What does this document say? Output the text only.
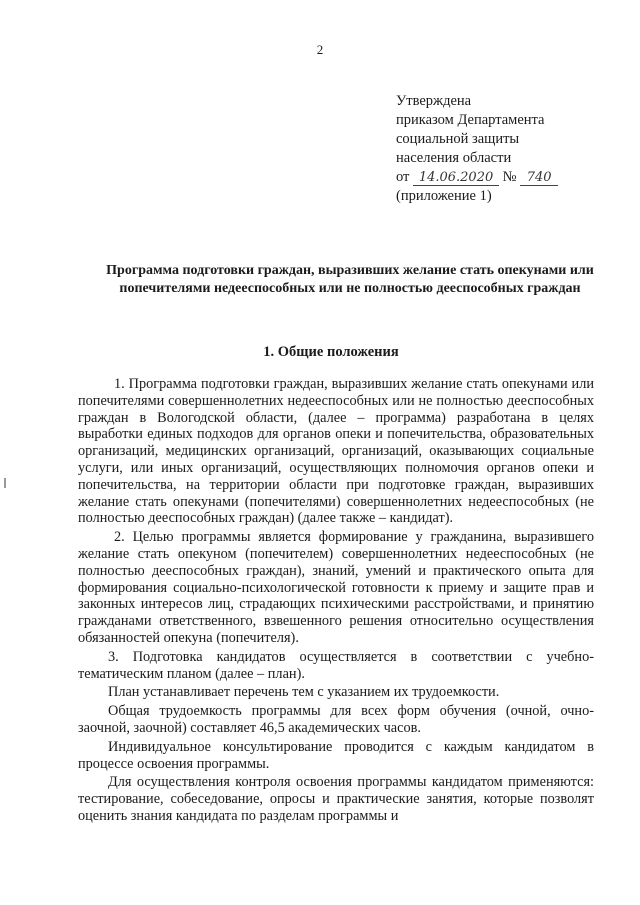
2
Утверждена
приказом Департамента
социальной защиты
населения области
от 14.06.2020 № 740
(приложение 1)
Программа подготовки граждан, выразивших желание стать опекунами или попечителями недееспособных или не полностью дееспособных граждан
1. Общие положения

1. Программа подготовки граждан, выразивших желание стать опекунами или попечителями совершеннолетних недееспособных или не полностью дееспособных граждан в Вологодской области, (далее – программа) разработана в целях выработки единых подходов для органов опеки и попечительства, образовательных организаций, медицинских организаций, организаций, оказывающих социальные услуги, или иных организаций, осуществляющих полномочия органов опеки и попечительства, на территории области при подготовке граждан, выразивших желание стать опекунами (попечителями) совершеннолетних недееспособных (не полностью дееспособных граждан) (далее также – кандидат).

2. Целью программы является формирование у гражданина, выразившего желание стать опекуном (попечителем) совершеннолетних недееспособных (не полностью дееспособных граждан), знаний, умений и практического опыта для формирования социально-психологической готовности к приему и защите прав и законных интересов лиц, страдающих психическими расстройствами, и принятию гражданами ответственного, взвешенного решения относительно осуществления обязанностей опекуна (попечителя).

3. Подготовка кандидатов осуществляется в соответствии с учебно-тематическим планом (далее – план).

План устанавливает перечень тем с указанием их трудоемкости.

Общая трудоемкость программы для всех форм обучения (очной, очно-заочной, заочной) составляет 46,5 академических часов.

Индивидуальное консультирование проводится с каждым кандидатом в процессе освоения программы.

Для осуществления контроля освоения программы кандидатом применяются: тестирование, собеседование, опросы и практические занятия, которые позволят оценить знания кандидата по разделам программы и
